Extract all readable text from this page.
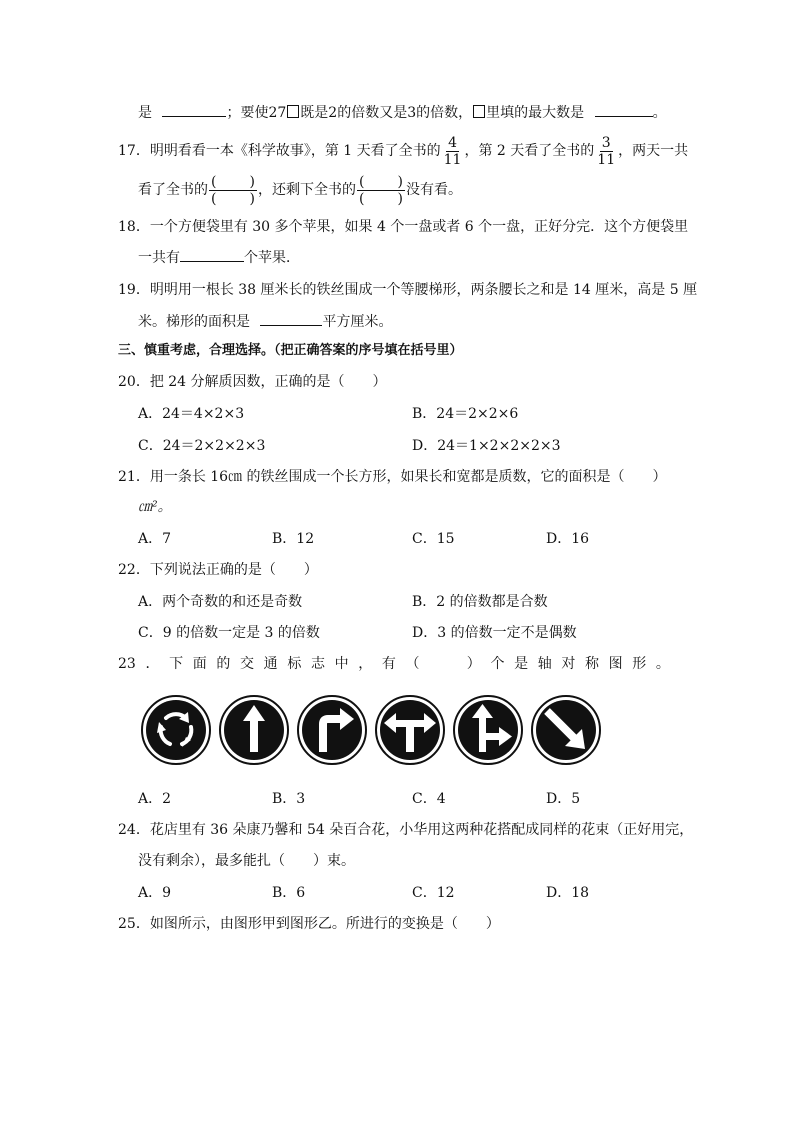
是	；要使27 既是2的倍数又是3的倍数， 里填的最大数是	。
17． 明明看看一本《科学故事》，第 1 天看了全书的 $\frac{4}{11}$ ，第 2 天看了全书的 $\frac{3}{11}$ ，两天一共
看了全书的 $\frac{( )}{( )}$ ，还剩下全书的 $\frac{( )}{( )}$ 没有看。
18．一个方便袋里有 30 多个苹果，如果 4 个一盘或者 6 个一盘，正好分完．这个方便袋里
一共有	个苹果．
19．明明用一根长 38 厘米长的铁丝围成一个等腰梯形，两条腰长之和是 14 厘米，高是 5 厘
米。梯形的面积是	平方厘米。
三、慎重考虑，合理选择。（把正确答案的序号填在括号里）
20．把 24 分解质因数，正确的是（　　）
A．24＝4×2×3	B．24＝2×2×6
C．24＝2×2×2×3	D．24＝1×2×2×2×3
21．用一条长 16㎝ 的铁丝围成一个长方形，如果长和宽都是质数，它的面积是（　　）
㎝²。
A．7	B．12	C．15	D．16
22．下列说法正确的是（　　）
A．两个奇数的和还是奇数	B．2 的倍数都是合数
C．9 的倍数一定是 3 的倍数	D．3 的倍数一定不是偶数
23 ． 下 面 的 交 通 标 志 中 ， 有 （
　　	） 个 是 轴 对 称 图 形 。
A．2	B．3	C．4	D．5
24．花店里有 36 朵康乃馨和 54 朵百合花，小华用这两种花搭配成同样的花束（正好用完，
没有剩余），最多能扎（　　）束。
A．9	B．6	C．12	D．18
25．如图所示，由图形甲到图形乙。所进行的变换是（　　）
